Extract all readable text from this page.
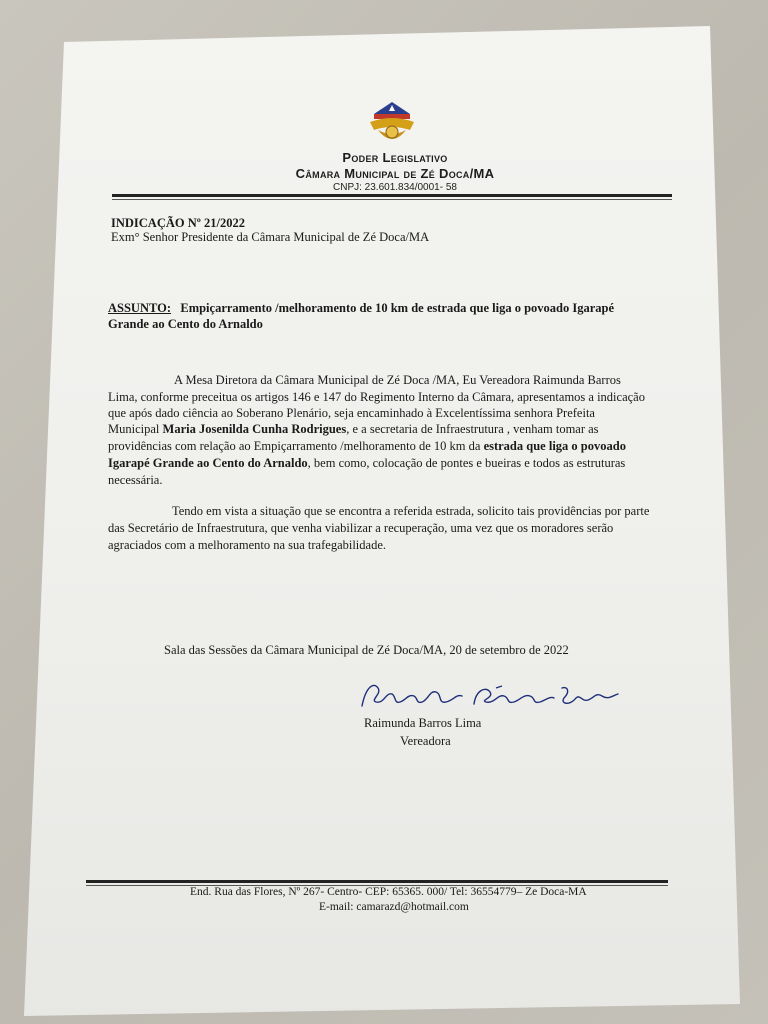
Poder Legislativo
Câmara Municipal de Zé Doca/MA
CNPJ: 23.601.834/0001- 58
INDICAÇÃO Nº 21/2022
Exm° Senhor Presidente da Câmara Municipal de Zé Doca/MA
ASSUNTO: Empiçarramento /melhoramento de 10 km de estrada que liga o povoado Igarapé
Grande ao Cento do Arnaldo
A Mesa Diretora da Câmara Municipal de Zé Doca /MA, Eu Vereadora Raimunda Barros
Lima, conforme preceitua os artigos 146 e 147 do Regimento Interno da Câmara, apresentamos a indicação
que após dado ciência ao Soberano Plenário, seja encaminhado à Excelentíssima senhora Prefeita
Municipal Maria Josenilda Cunha Rodrigues, e a secretaria de Infraestrutura , venham tomar as
providências com relação ao Empiçarramento /melhoramento de 10 km da estrada que liga o povoado
Igarapé Grande ao Cento do Arnaldo, bem como, colocação de pontes e bueiras e todos as estruturas
necessária.
Tendo em vista a situação que se encontra a referida estrada, solicito tais providências por parte
das Secretário de Infraestrutura, que venha viabilizar a recuperação, uma vez que os moradores serão
agraciados com a melhoramento na sua trafegabilidade.
Sala das Sessões da Câmara Municipal de Zé Doca/MA, 20 de setembro de 2022
Raimunda Barros Lima
Vereadora
End. Rua das Flores, Nº 267- Centro- CEP: 65365. 000/ Tel: 36554779– Ze Doca-MA
E-mail: camarazd@hotmail.com
